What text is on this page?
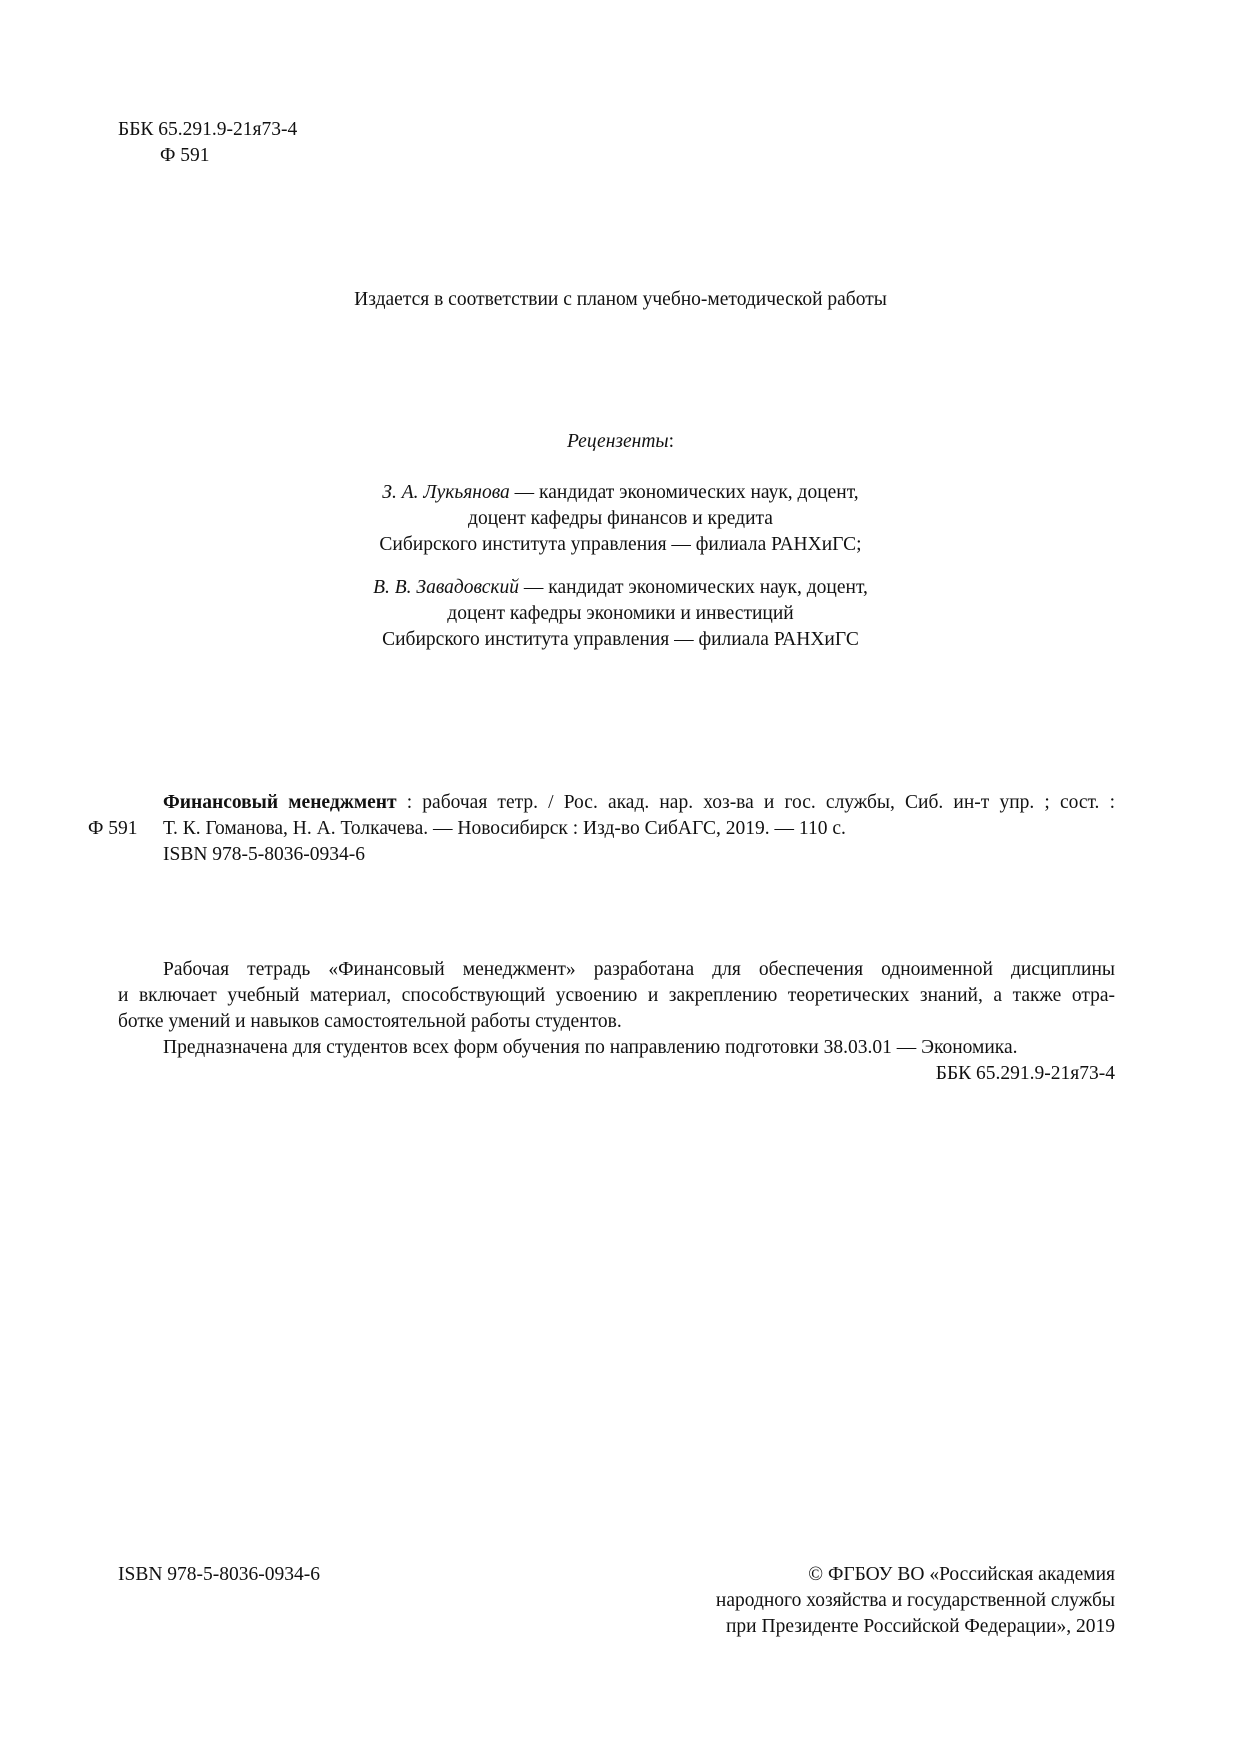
ББК 65.291.9-21я73-4
Ф 591
Издается в соответствии с планом учебно-методической работы
Рецензенты:
З. А. Лукьянова — кандидат экономических наук, доцент,
доцент кафедры финансов и кредита
Сибирского института управления — филиала РАНХиГС;
В. В. Завадовский — кандидат экономических наук, доцент,
доцент кафедры экономики и инвестиций
Сибирского института управления — филиала РАНХиГС
Финансовый менеджмент : рабочая тетр. / Рос. акад. нар. хоз-ва и гос. службы, Сиб. ин-т упр. ; сост. :
Т. К. Гоманова, Н. А. Толкачева. — Новосибирск : Изд-во СибАГС, 2019. — 110 с.
ISBN 978-5-8036-0934-6
Ф 591
Рабочая тетрадь «Финансовый менеджмент» разработана для обеспечения одноименной дисциплины
и включает учебный материал, способствующий усвоению и закреплению теоретических знаний, а также отра-
ботке умений и навыков самостоятельной работы студентов.
Предназначена для студентов всех форм обучения по направлению подготовки 38.03.01 — Экономика.
ББК 65.291.9-21я73-4
ISBN 978-5-8036-0934-6	© ФГБОУ ВО «Российская академия
народного хозяйства и государственной службы
при Президенте Российской Федерации», 2019
